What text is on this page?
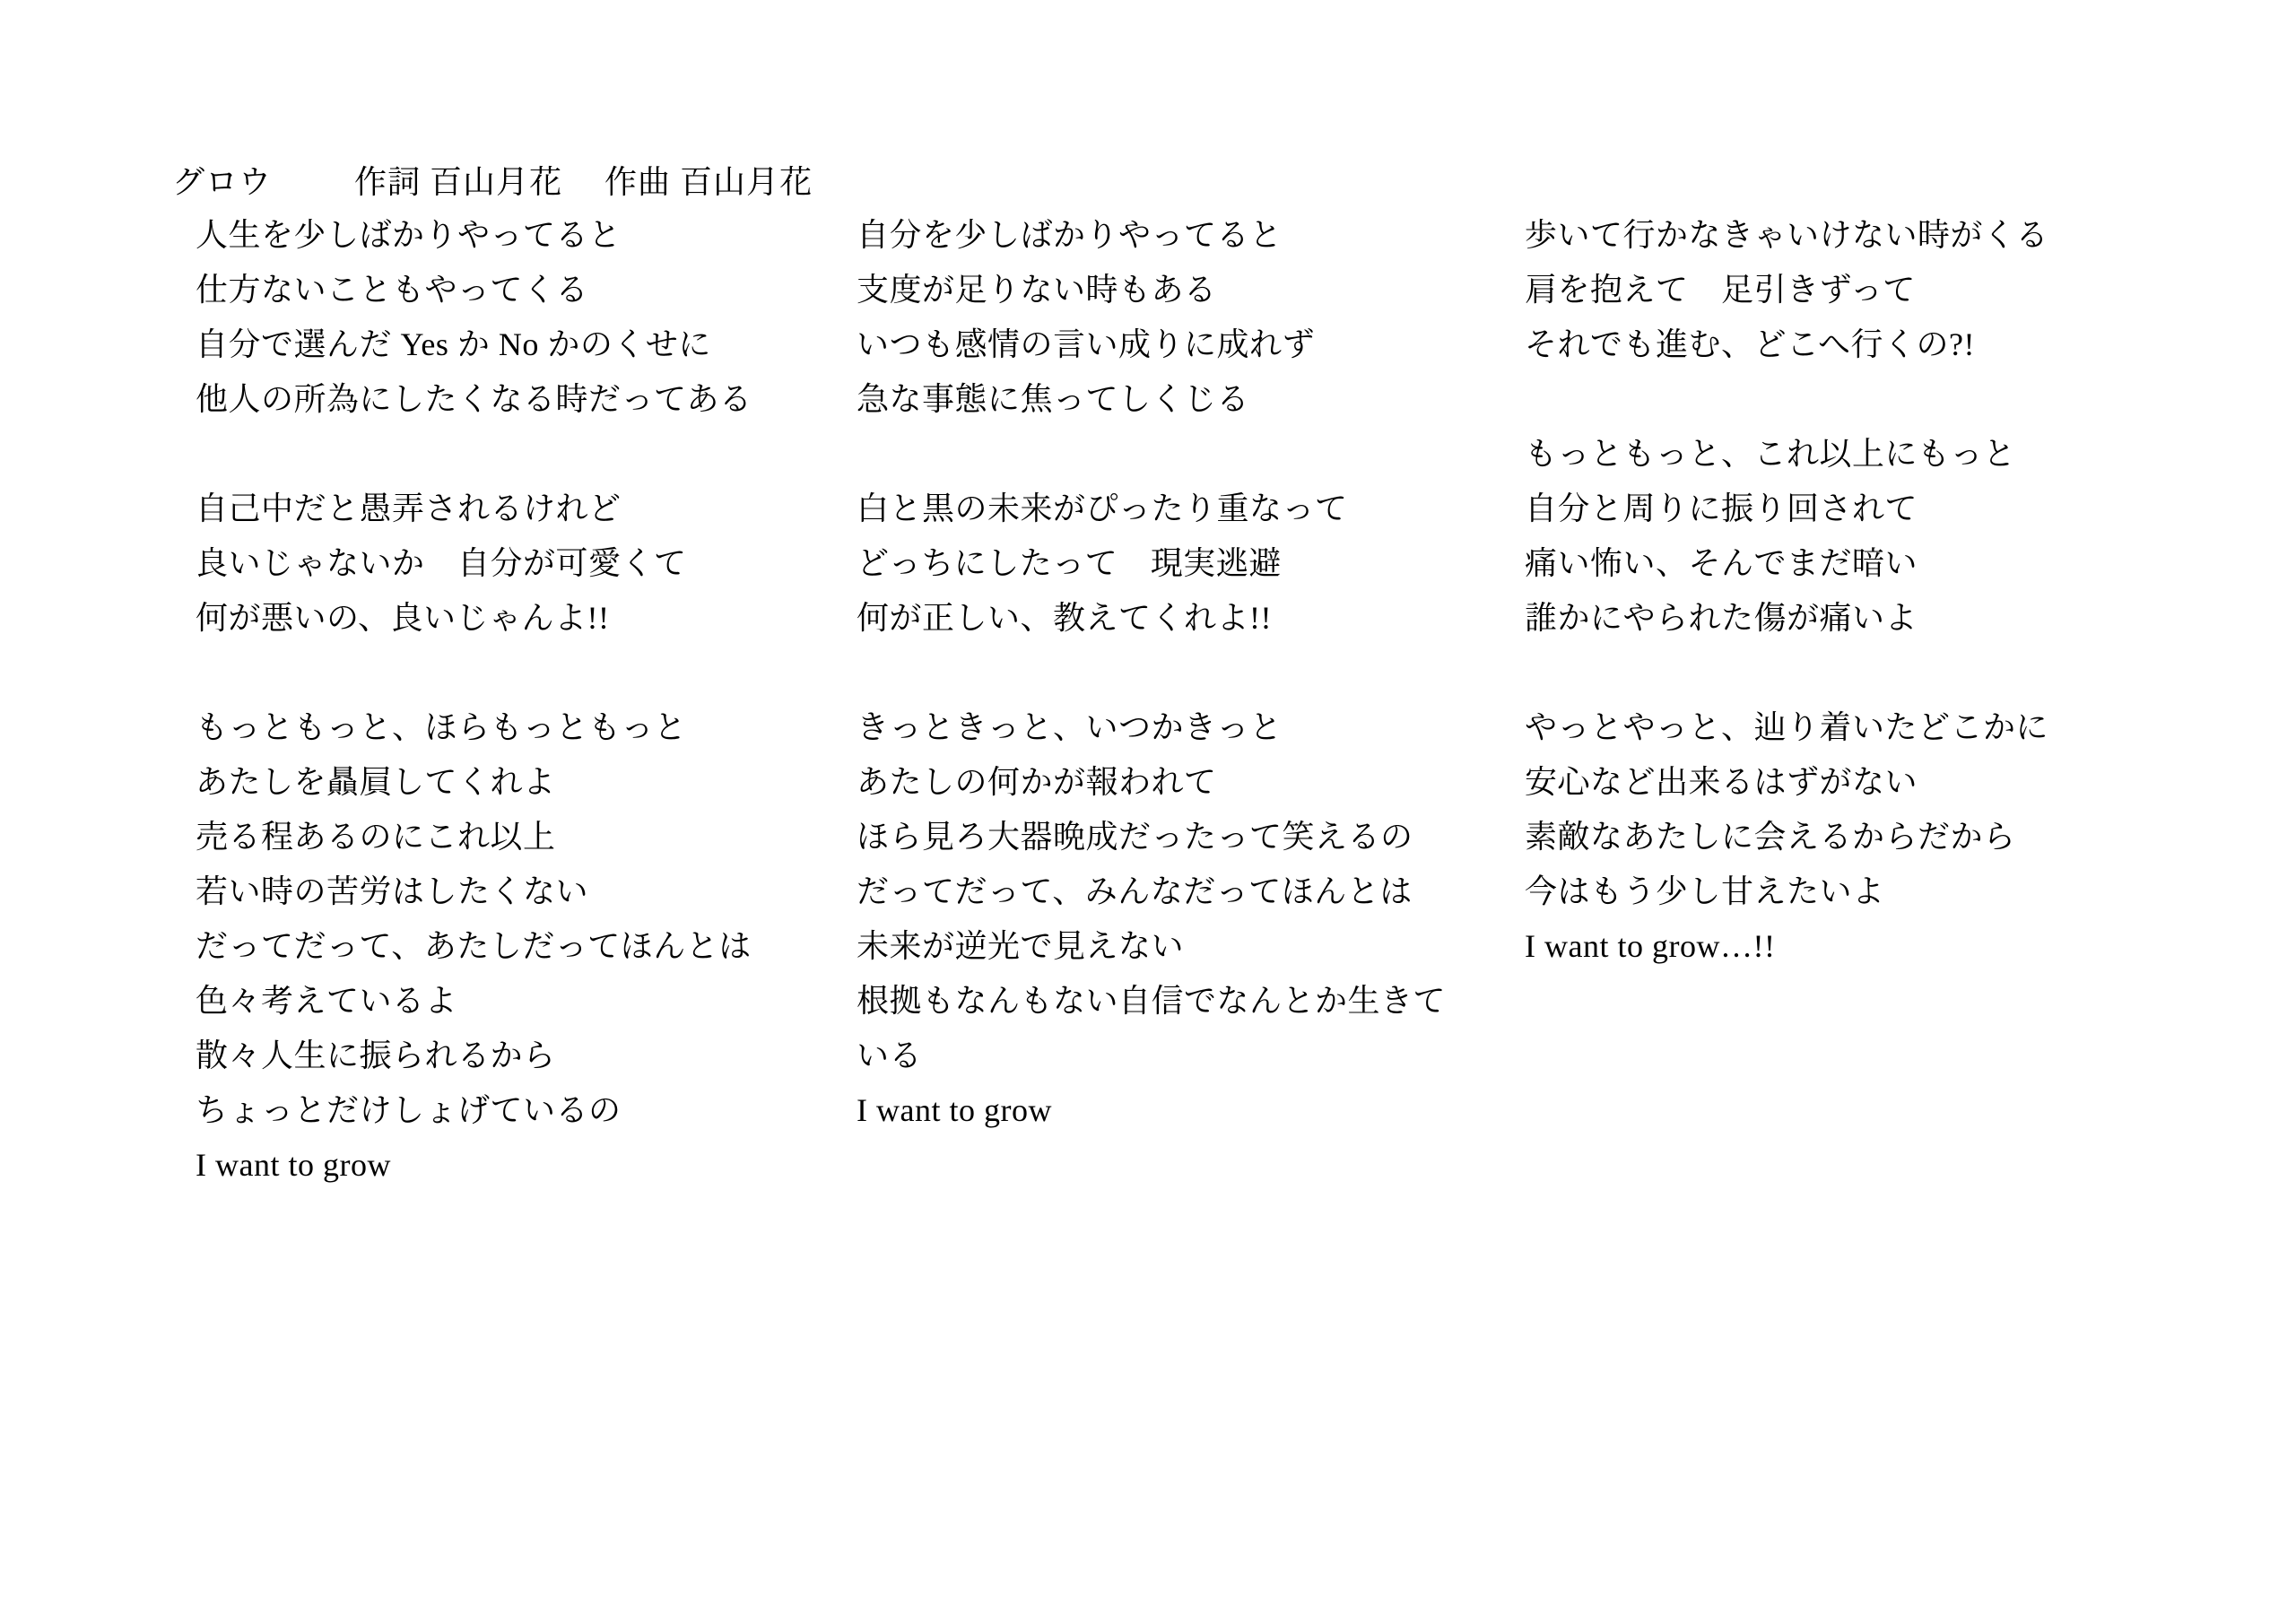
グロウ	作詞 百山月花　 作曲 百山月花

人生を少しばかりやってると
仕方ないこともやってくる
自分で選んだ Yes か No かのくせに
他人の所為にしたくなる時だってある
自己中だと愚弄されるけれど
良いじゃないか　自分が可愛くて
何が悪いの、良いじゃんよ!!
もっともっと、ほらもっともっと
あたしを贔屓してくれよ
売る程あるのにこれ以上
若い時の苦労はしたくない
だってだって、あたしだってほんとは
色々考えているよ
散々人生に振られるから
ちょっとだけしょげているの
I want to grow
自分を少しばかりやってると
支度が足りない時もある
いつも感情の言い成りに成れず
急な事態に焦ってしくじる
白と黒の未来がぴったり重なって
どっちにしたって　現実逃避
何が正しい、教えてくれよ!!
きっときっと、いつかきっと
あたしの何かが報われて
ほら見ろ大器晩成だったって笑えるの
だってだって、みんなだってほんとは
未来が逆光で見えない
根拠もなんもない自信でなんとか生きて
いる
I want to grow
歩いて行かなきゃいけない時がくる
肩を抱えて　足引きずって
それでも進む、どこへ行くの?!
もっともっと、これ以上にもっと
自分と周りに振り回されて
痛い怖い、そんでまだ暗い
誰かにやられた傷が痛いよ
やっとやっと、辿り着いたどこかに
安心など出来るはずがない
素敵なあたしに会えるからだから
今はもう少し甘えたいよ
I want to grow…!!
